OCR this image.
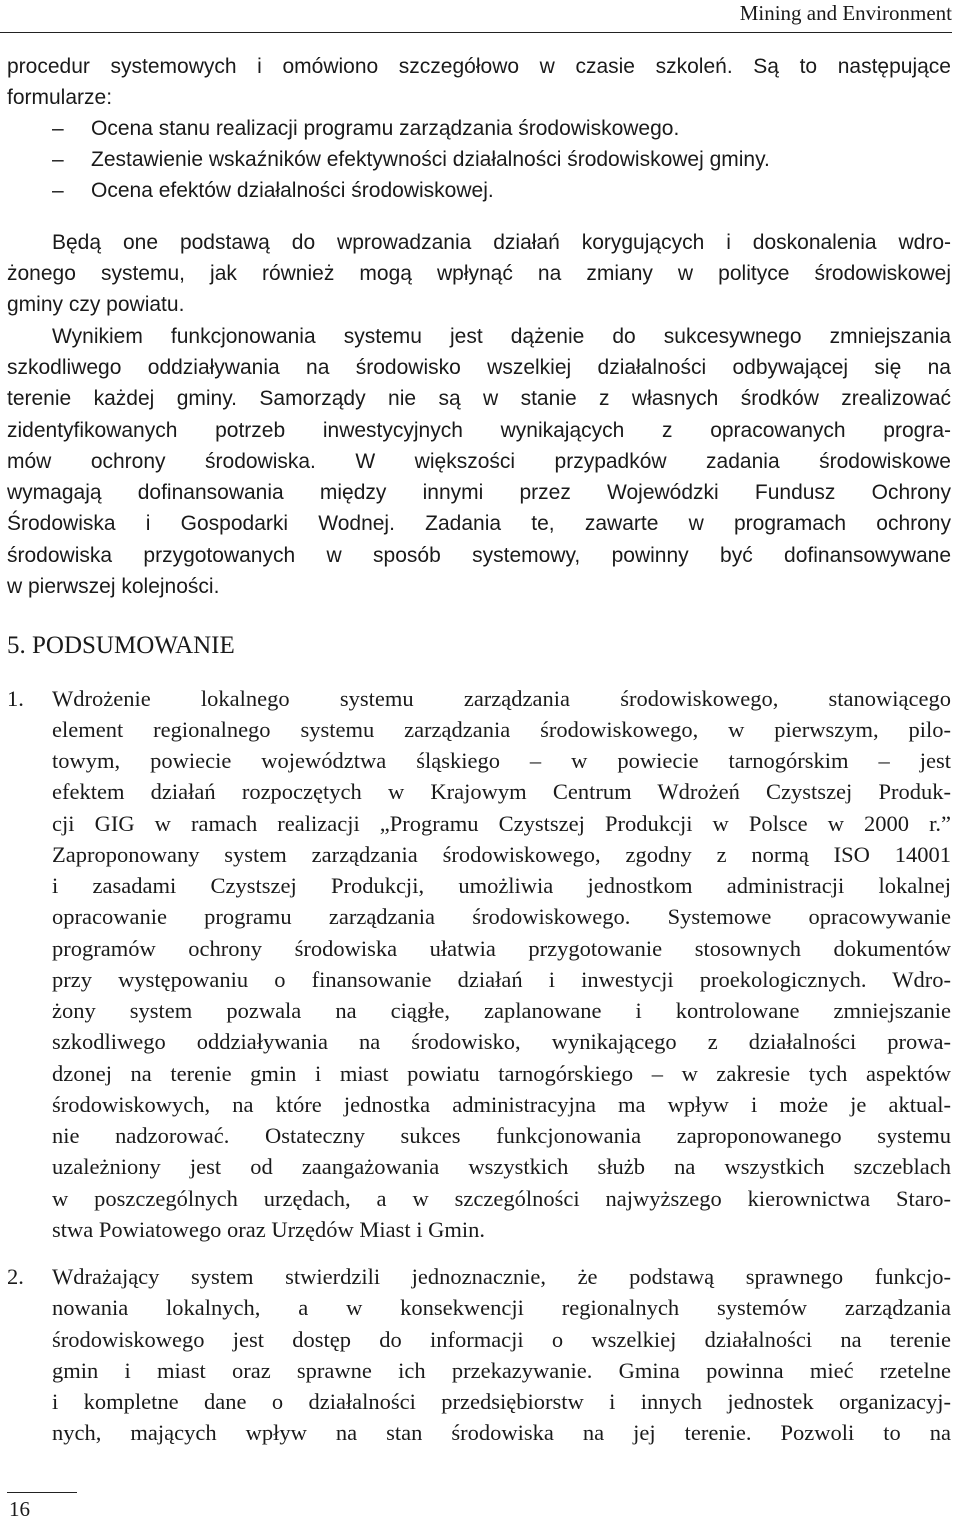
Mining and Environment
procedur systemowych i omówiono szczegółowo w czasie szkoleń. Są to następujące
formularze:
– Ocena stanu realizacji programu zarządzania środowiskowego.
– Zestawienie wskaźników efektywności działalności środowiskowej gminy.
– Ocena efektów działalności środowiskowej.
Będą one podstawą do wprowadzania działań korygujących i doskonalenia wdro-
żonego systemu, jak również mogą wpłynąć na zmiany w polityce środowiskowej
gminy czy powiatu.
Wynikiem funkcjonowania systemu jest dążenie do sukcesywnego zmniejszania
szkodliwego oddziaływania na środowisko wszelkiej działalności odbywającej się na
terenie każdej gminy. Samorządy nie są w stanie z własnych środków zrealizować
zidentyfikowanych potrzeb inwestycyjnych wynikających z opracowanych progra-
mów ochrony środowiska. W większości przypadków zadania środowiskowe
wymagają dofinansowania między innymi przez Wojewódzki Fundusz Ochrony
Środowiska i Gospodarki Wodnej. Zadania te, zawarte w programach ochrony
środowiska przygotowanych w sposób systemowy, powinny być dofinansowywane
w pierwszej kolejności.
5. PODSUMOWANIE
1. Wdrożenie lokalnego systemu zarządzania środowiskowego, stanowiącego
element regionalnego systemu zarządzania środowiskowego, w pierwszym, pilo-
towym, powiecie województwa śląskiego – w powiecie tarnogórskim – jest
efektem działań rozpoczętych w Krajowym Centrum Wdrożeń Czystszej Produk-
cji GIG w ramach realizacji „Programu Czystszej Produkcji w Polsce w 2000 r.”
Zaproponowany system zarządzania środowiskowego, zgodny z normą ISO 14001
i zasadami Czystszej Produkcji, umożliwia jednostkom administracji lokalnej
opracowanie programu zarządzania środowiskowego. Systemowe opracowywanie
programów ochrony środowiska ułatwia przygotowanie stosownych dokumentów
przy występowaniu o finansowanie działań i inwestycji proekologicznych. Wdro-
żony system pozwala na ciągłe, zaplanowane i kontrolowane zmniejszanie
szkodliwego oddziaływania na środowisko, wynikającego z działalności prowa-
dzonej na terenie gmin i miast powiatu tarnogórskiego – w zakresie tych aspektów
środowiskowych, na które jednostka administracyjna ma wpływ i może je aktual-
nie nadzorować. Ostateczny sukces funkcjonowania zaproponowanego systemu
uzależniony jest od zaangażowania wszystkich służb na wszystkich szczeblach
w poszczególnych urzędach, a w szczególności najwyższego kierownictwa Staro-
stwa Powiatowego oraz Urzędów Miast i Gmin.
2. Wdrażający system stwierdzili jednoznacznie, że podstawą sprawnego funkcjo-
nowania lokalnych, a w konsekwencji regionalnych systemów zarządzania
środowiskowego jest dostęp do informacji o wszelkiej działalności na terenie
gmin i miast oraz sprawne ich przekazywanie. Gmina powinna mieć rzetelne
i kompletne dane o działalności przedsiębiorstw i innych jednostek organizacyj-
nych, mających wpływ na stan środowiska na jej terenie. Pozwoli to na
16
